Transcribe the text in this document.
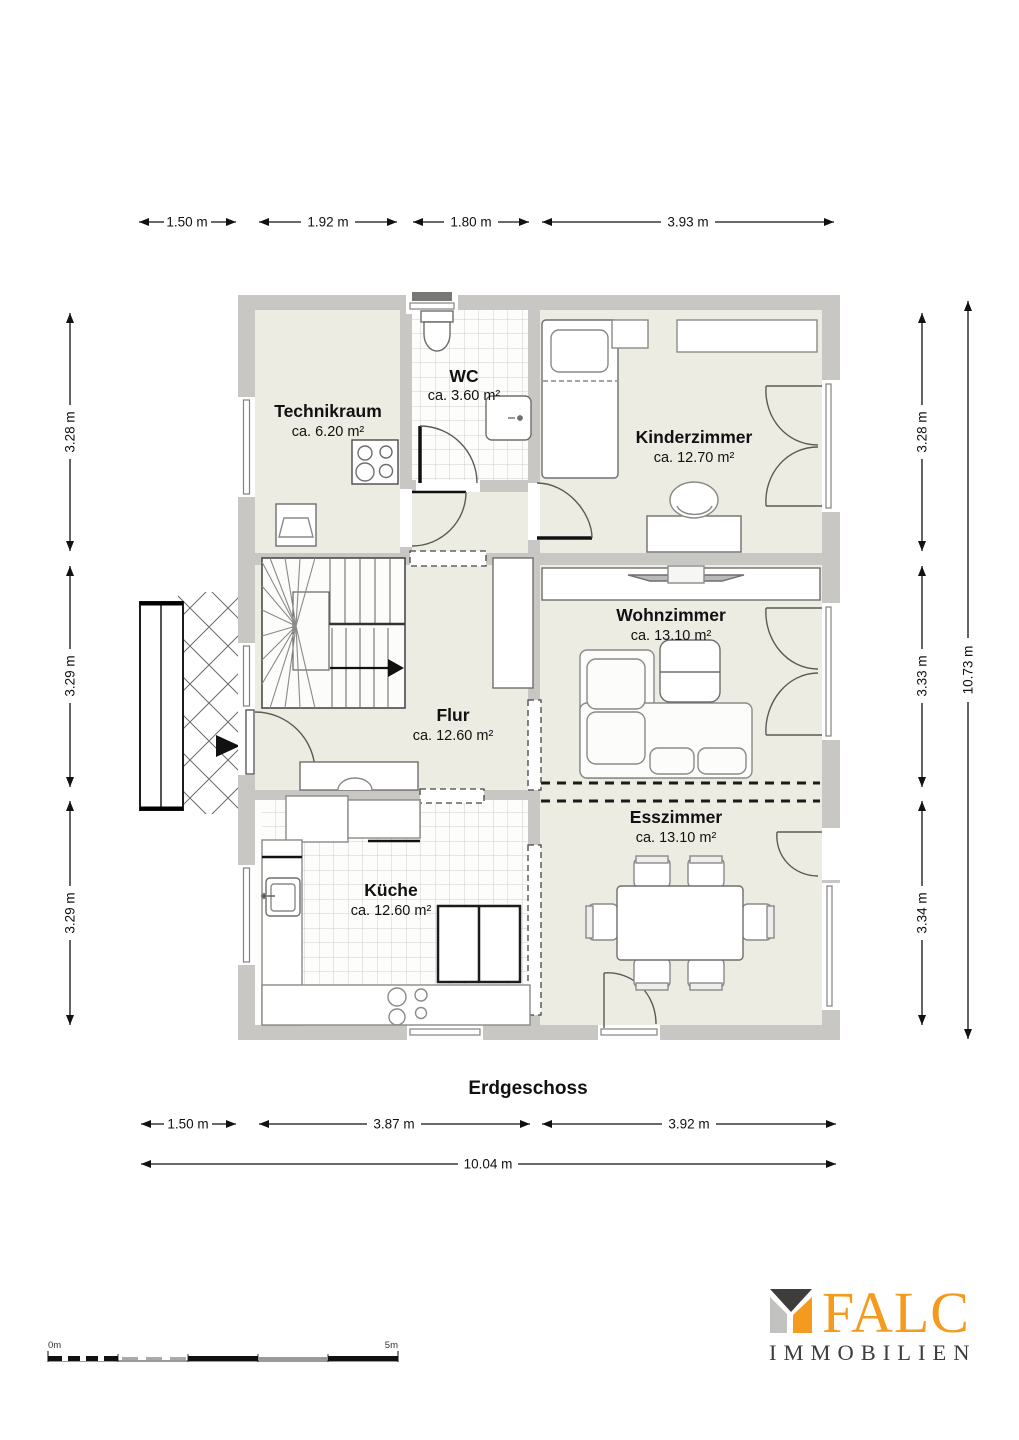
Technikraum
ca. 6.20 m²
WC
ca. 3.60 m²
Kinderzimmer
ca. 12.70 m²
Wohnzimmer
ca. 13.10 m²
Flur
ca. 12.60 m²
Esszimmer
ca. 13.10 m²
Küche
ca. 12.60 m²
1.50 m	1.92 m	1.80 m	3.93 m
1.50 m	3.87 m	3.92 m
10.04 m
3.28 m
3.29 m
3.29 m
3.28 m
3.33 m
3.34 m
10.73 m
Erdgeschoss
0m	5m
FALC
IMMOBILIEN
